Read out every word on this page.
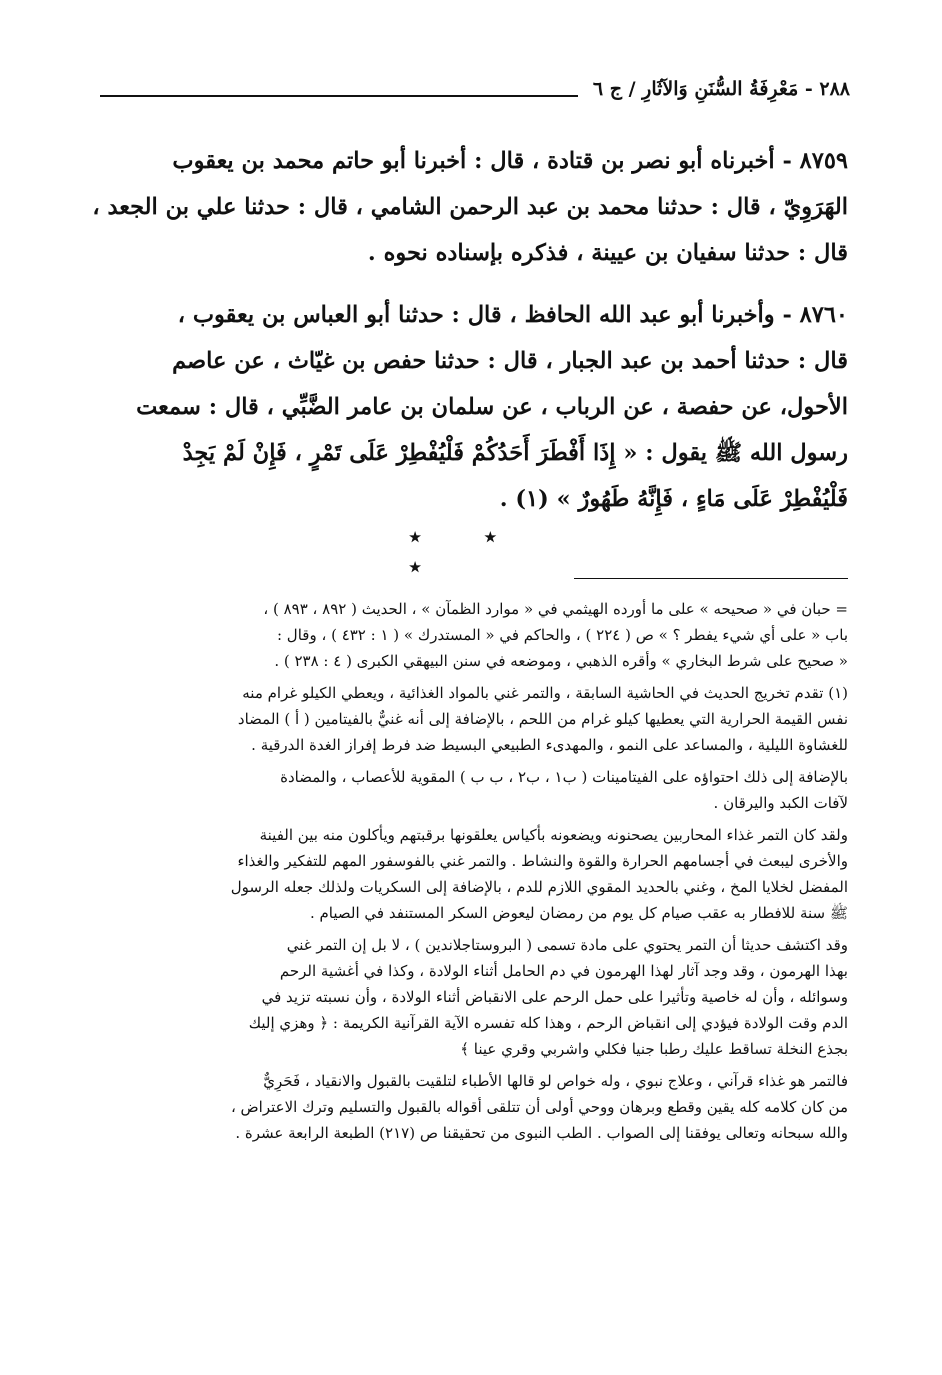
٢٨٨ - مَعْرِفَةُ السُّنَنِ وَالآثَارِ / ج ٦
٨٧٥٩ - أخبرناه أبو نصر بن قتادة ، قال : أخبرنا أبو حاتم محمد بن يعقوب
الهَرَوِيّ ، قال : حدثنا محمد بن عبد الرحمن الشامي ، قال : حدثنا علي بن الجعد ،
قال : حدثنا سفيان بن عيينة ، فذكره بإسناده نحوه .
٨٧٦٠ - وأخبرنا أبو عبد الله الحافظ ، قال : حدثنا أبو العباس بن يعقوب ،
قال : حدثنا أحمد بن عبد الجبار ، قال : حدثنا حفص بن غيّاث ، عن عاصم
الأحول، عن حفصة ، عن الرباب ، عن سلمان بن عامر الضَّبِّي ، قال : سمعت
رسول الله ﷺ يقول : « إِذَا أَفْطَرَ أَحَدُكُمْ فَلْيُفْطِرْ عَلَى تَمْرٍ ، فَإِنْ لَمْ يَجِدْ
فَلْيُفْطِرْ عَلَى مَاءٍ ، فَإِنَّهُ طَهُورٌ » (١) .
٭ ٭ ٭
= حبان في « صحيحه » على ما أورده الهيثمي في « موارد الظمآن » ، الحديث ( ٨٩٢ ، ٨٩٣ ) ،
باب « على أي شيء يفطر ؟ » ص ( ٢٢٤ ) ، والحاكم في « المستدرك » ( ١ : ٤٣٢ ) ، وقال :
« صحيح على شرط البخاري » وأقره الذهبي ، وموضعه في سنن البيهقي الكبرى ( ٤ : ٢٣٨ ) .
(١) تقدم تخريج الحديث في الحاشية السابقة ، والتمر غني بالمواد الغذائية ، ويعطي الكيلو غرام منه
نفس القيمة الحرارية التي يعطيها كيلو غرام من اللحم ، بالإضافة إلى أنه غنيٌّ بالفيتامين ( أ ) المضاد
للغشاوة الليلية ، والمساعد على النمو ، والمهدىء الطبيعي البسيط ضد فرط إفراز الغدة الدرقية .
بالإضافة إلى ذلك احتواؤه على الفيتامينات ( ب١ ، ب٢ ، ب ب ) المقوية للأعصاب ، والمضادة
لآفات الكبد واليرقان .
ولقد كان التمر غذاء المحاربين يصحنونه ويضعونه بأكياس يعلقونها برقبتهم ويأكلون منه بين الفينة
والأخرى ليبعث في أجسامهم الحرارة والقوة والنشاط . والتمر غني بالفوسفور المهم للتفكير والغذاء
المفضل لخلايا المخ ، وغني بالحديد المقوي اللازم للدم ، بالإضافة إلى السكريات ولذلك جعله الرسول
ﷺ سنة للافطار به عقب صيام كل يوم من رمضان ليعوض السكر المستنفد في الصيام .
وقد اكتشف حديثا أن التمر يحتوي على مادة تسمى ( البروستاجلاندين ) ، لا بل إن التمر غني
بهذا الهرمون ، وقد وجد آثار لهذا الهرمون في دم الحامل أثناء الولادة ، وكذا في أغشية الرحم
وسوائله ، وأن له خاصية وتأثيرا على حمل الرحم على الانقباض أثناء الولادة ، وأن نسبته تزيد في
الدم وقت الولادة فيؤدي إلى انقباض الرحم ، وهذا كله تفسره الآية القرآنية الكريمة : ﴿ وهزي إليك
بجذع النخلة تساقط عليك رطبا جنيا فكلي واشربي وقري عينا ﴾
فالتمر هو غذاء قرآني ، وعلاج نبوي ، وله خواص لو قالها الأطباء لتلقيت بالقبول والانقياد ، فَحَرِيٌّ
من كان كلامه كله يقين وقطع وبرهان ووحي أولى أن تتلقى أقواله بالقبول والتسليم وترك الاعتراض ،
والله سبحانه وتعالى يوفقنا إلى الصواب . الطب النبوى من تحقيقنا ص (٢١٧) الطبعة الرابعة عشرة .
